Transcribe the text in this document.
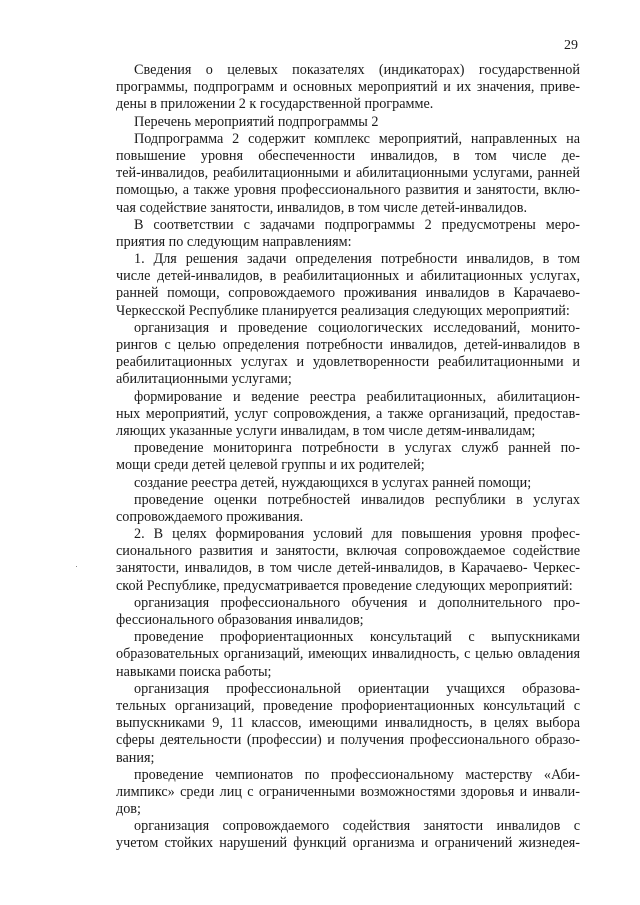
29
Сведения о целевых показателях (индикаторах) государственной
программы, подпрограмм и основных мероприятий и их значения, приве-
дены в приложении 2 к государственной программе.
Перечень мероприятий подпрограммы 2
Подпрограмма 2 содержит комплекс мероприятий, направленных на
повышение уровня обеспеченности инвалидов, в том числе де-
тей-инвалидов, реабилитационными и абилитационными услугами, ранней
помощью, а также уровня профессионального развития и занятости, вклю-
чая содействие занятости, инвалидов, в том числе детей-инвалидов.
В соответствии с задачами подпрограммы 2 предусмотрены меро-
приятия по следующим направлениям:
1. Для решения задачи определения потребности инвалидов, в том
числе детей-инвалидов, в реабилитационных и абилитационных услугах,
ранней помощи, сопровождаемого проживания инвалидов в Карачаево-
Черкесской Республике планируется реализация следующих мероприятий:
организация и проведение социологических исследований, монито-
рингов с целью определения потребности инвалидов, детей-инвалидов в
реабилитационных услугах и удовлетворенности реабилитационными и
абилитационными услугами;
формирование и ведение реестра реабилитационных, абилитацион-
ных мероприятий, услуг сопровождения, а также организаций, предостав-
ляющих указанные услуги инвалидам, в том числе детям-инвалидам;
проведение мониторинга потребности в услугах служб ранней по-
мощи среди детей целевой группы и их родителей;
создание реестра детей, нуждающихся в услугах ранней помощи;
проведение оценки потребностей инвалидов республики в услугах
сопровождаемого проживания.
2. В целях формирования условий для повышения уровня профес-
сионального развития и занятости, включая сопровождаемое содействие
занятости, инвалидов, в том числе детей-инвалидов, в Карачаево- Черкес-
ской Республике, предусматривается проведение следующих мероприятий:
организация профессионального обучения и дополнительного про-
фессионального образования инвалидов;
проведение профориентационных консультаций с выпускниками
образовательных организаций, имеющих инвалидность, с целью овладения
навыками поиска работы;
организация профессиональной ориентации учащихся образова-
тельных организаций, проведение профориентационных консультаций с
выпускниками 9, 11 классов, имеющими инвалидность, в целях выбора
сферы деятельности (профессии) и получения профессионального образо-
вания;
проведение чемпионатов по профессиональному мастерству «Аби-
лимпикс» среди лиц с ограниченными возможностями здоровья и инвали-
дов;
организация сопровождаемого содействия занятости инвалидов с
учетом стойких нарушений функций организма и ограничений жизнедея-
